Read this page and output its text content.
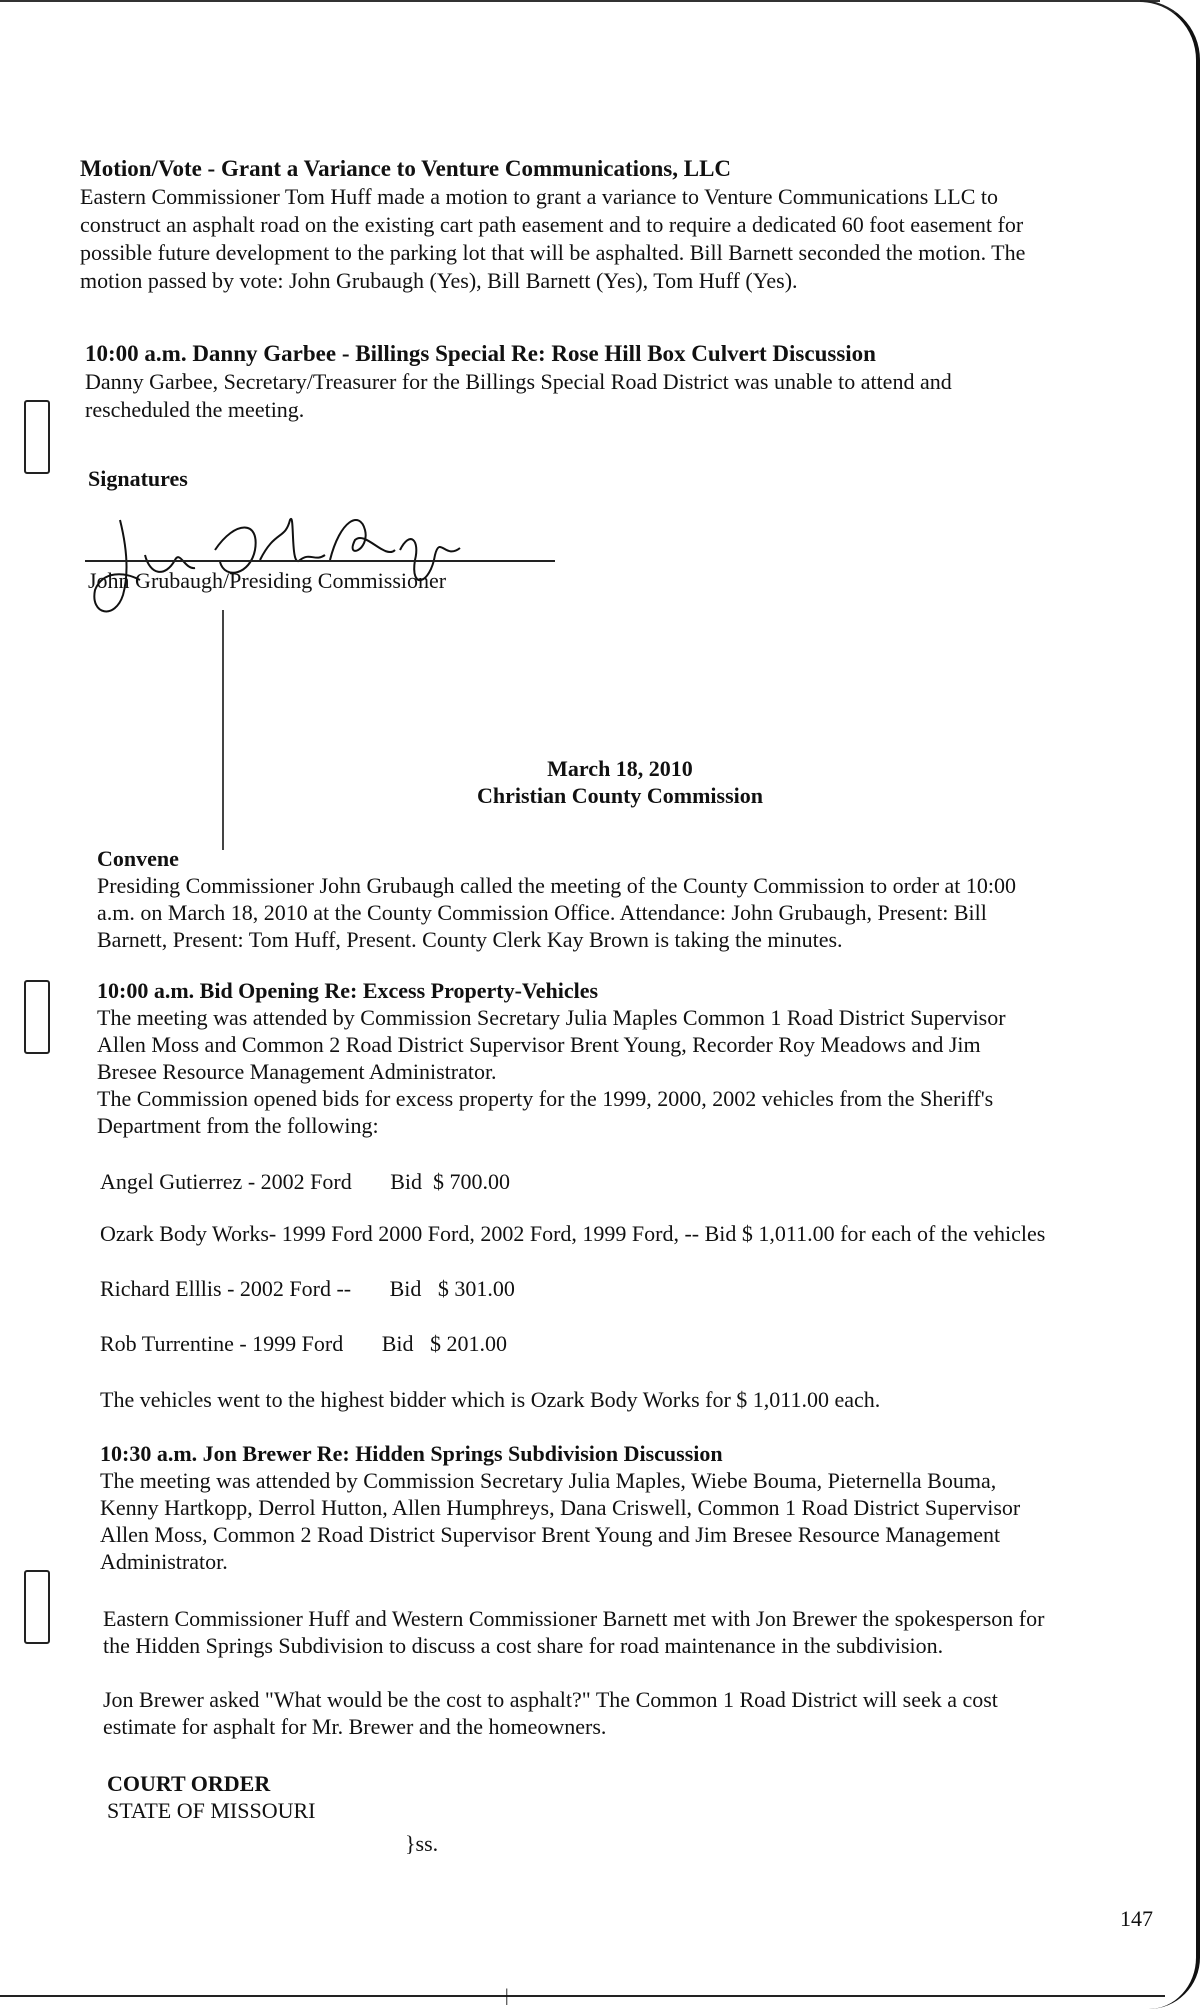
Motion/Vote - Grant a Variance to Venture Communications, LLC
Eastern Commissioner Tom Huff made a motion to grant a variance to Venture Communications LLC to
construct an asphalt road on the existing cart path easement and to require a dedicated 60 foot easement for
possible future development to the parking lot that will be asphalted. Bill Barnett seconded the motion. The
motion passed by vote: John Grubaugh (Yes), Bill Barnett (Yes), Tom Huff (Yes).
10:00 a.m. Danny Garbee - Billings Special Re: Rose Hill Box Culvert Discussion
Danny Garbee, Secretary/Treasurer for the Billings Special Road District was unable to attend and
rescheduled the meeting.
Signatures
John Grubaugh/Presiding Commissioner
March 18, 2010
Christian County Commission
Convene
Presiding Commissioner John Grubaugh called the meeting of the County Commission to order at 10:00
a.m. on March 18, 2010 at the County Commission Office. Attendance: John Grubaugh, Present: Bill
Barnett, Present: Tom Huff, Present. County Clerk Kay Brown is taking the minutes.
10:00 a.m. Bid Opening Re: Excess Property-Vehicles
The meeting was attended by Commission Secretary Julia Maples Common 1 Road District Supervisor
Allen Moss and Common 2 Road District Supervisor Brent Young, Recorder Roy Meadows and Jim
Bresee Resource Management Administrator.
The Commission opened bids for excess property for the 1999, 2000, 2002 vehicles from the Sheriff's
Department from the following:
Angel Gutierrez - 2002 Ford       Bid  $ 700.00
Ozark Body Works- 1999 Ford 2000 Ford, 2002 Ford, 1999 Ford, -- Bid $ 1,011.00 for each of the vehicles
Richard Elllis - 2002 Ford --       Bid   $ 301.00
Rob Turrentine - 1999 Ford       Bid   $ 201.00
The vehicles went to the highest bidder which is Ozark Body Works for $ 1,011.00 each.
10:30 a.m. Jon Brewer Re: Hidden Springs Subdivision Discussion
The meeting was attended by Commission Secretary Julia Maples, Wiebe Bouma, Pieternella Bouma,
Kenny Hartkopp, Derrol Hutton, Allen Humphreys, Dana Criswell, Common 1 Road District Supervisor
Allen Moss, Common 2 Road District Supervisor Brent Young and Jim Bresee Resource Management
Administrator.
Eastern Commissioner Huff and Western Commissioner Barnett met with Jon Brewer the spokesperson for
the Hidden Springs Subdivision to discuss a cost share for road maintenance in the subdivision.
Jon Brewer asked "What would be the cost to asphalt?" The Common 1 Road District will seek a cost
estimate for asphalt for Mr. Brewer and the homeowners.
COURT ORDER
STATE OF MISSOURI
}ss.
147
|
